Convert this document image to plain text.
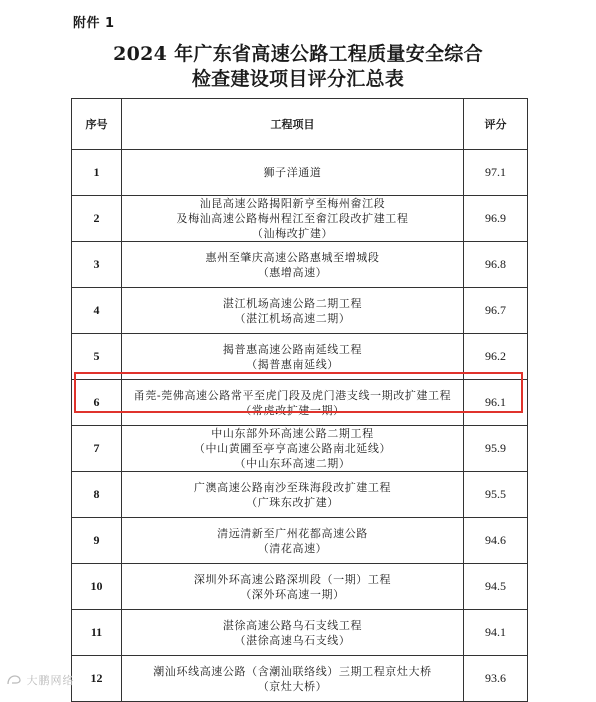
附件 1
2024 年广东省高速公路工程质量安全综合
检查建设项目评分汇总表
序号	工程项目	评分
1	狮子洋通道	97.1
2	汕昆高速公路揭阳新亨至梅州畲江段
及梅汕高速公路梅州程江至畲江段改扩建工程
（汕梅改扩建）	96.9
3	惠州至肇庆高速公路惠城至增城段
（惠增高速）	96.8
4	湛江机场高速公路二期工程
（湛江机场高速二期）	96.7
5	揭普惠高速公路南延线工程
（揭普惠南延线）	96.2
6	甬莞-莞佛高速公路常平至虎门段及虎门港支线一期改扩建工程
（常虎改扩建一期）	96.1
7	中山东部外环高速公路二期工程
（中山黄圃至亭亨高速公路南北延线）
（中山东环高速二期）	95.9
8	广澳高速公路南沙至珠海段改扩建工程
（广珠东改扩建）	95.5
9	清远清新至广州花都高速公路
（清花高速）	94.6
10	深圳外环高速公路深圳段（一期）工程
（深外环高速一期）	94.5
11	湛徐高速公路乌石支线工程
（湛徐高速乌石支线）	94.1
12	潮汕环线高速公路（含潮汕联络线）三期工程京灶大桥
（京灶大桥）	93.6
大鹏网络
